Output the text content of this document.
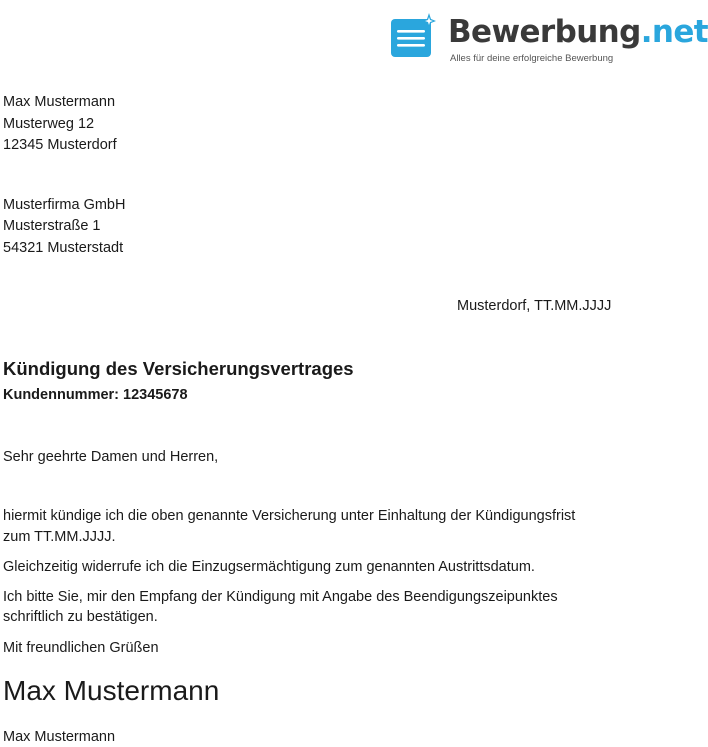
Bewerbung.net
Alles für deine erfolgreiche Bewerbung
Max Mustermann
Musterweg 12
12345 Musterdorf
Musterfirma GmbH
Musterstraße 1
54321 Musterstadt
Musterdorf, TT.MM.JJJJ
Kündigung des Versicherungsvertrages
Kundennummer: 12345678
Sehr geehrte Damen und Herren,
hiermit kündige ich die oben genannte Versicherung unter Einhaltung der Kündigungsfrist
zum TT.MM.JJJJ.
Gleichzeitig widerrufe ich die Einzugsermächtigung zum genannten Austrittsdatum.
Ich bitte Sie, mir den Empfang der Kündigung mit Angabe des Beendigungszeipunktes
schriftlich zu bestätigen.
Mit freundlichen Grüßen
Max Mustermann
Max Mustermann
